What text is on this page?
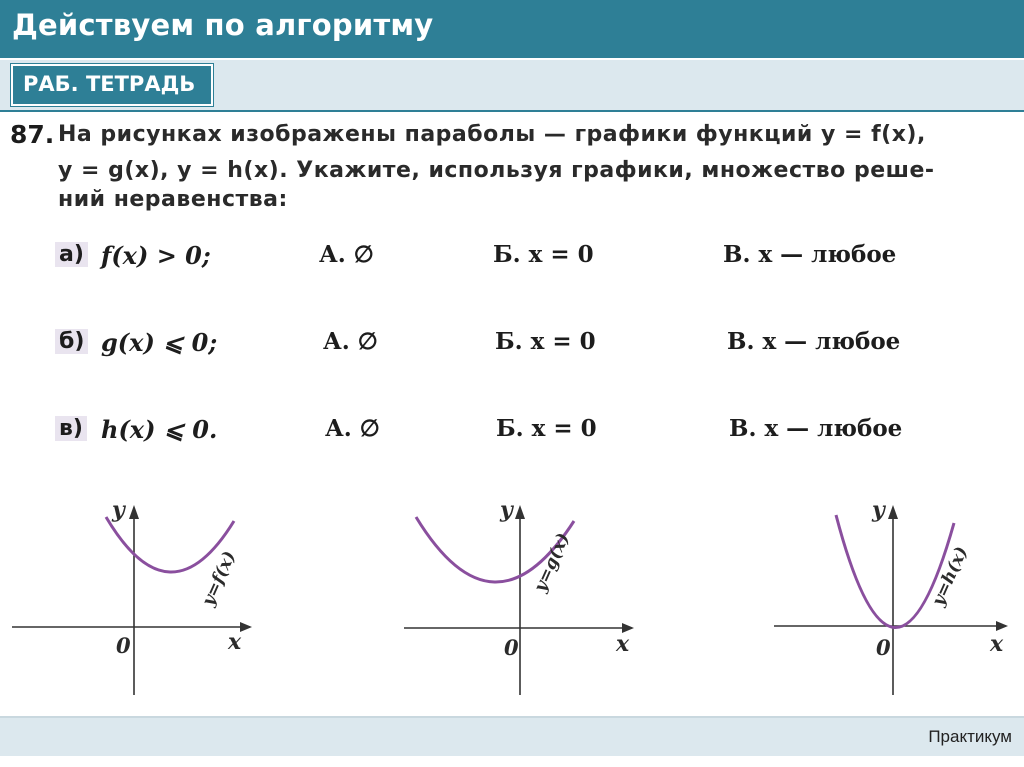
Действуем по алгоритму
РАБ. ТЕТРАДЬ
87. На рисунках изображены параболы — графики функций y = f(x),
y = g(x), y = h(x). Укажите, используя графики, множество реше-
ний неравенства:
а) f(x) > 0;	А. ∅	Б. x = 0	В. x — любое
б) g(x) ⩽ 0;	А. ∅	Б. x = 0	В. x — любое
в) h(x) ⩽ 0.	А. ∅	Б. x = 0	В. x — любое
y
x
0
y=f(x)
y
x
0
y=g(x)
y
x
0
y=h(x)
Практикум
